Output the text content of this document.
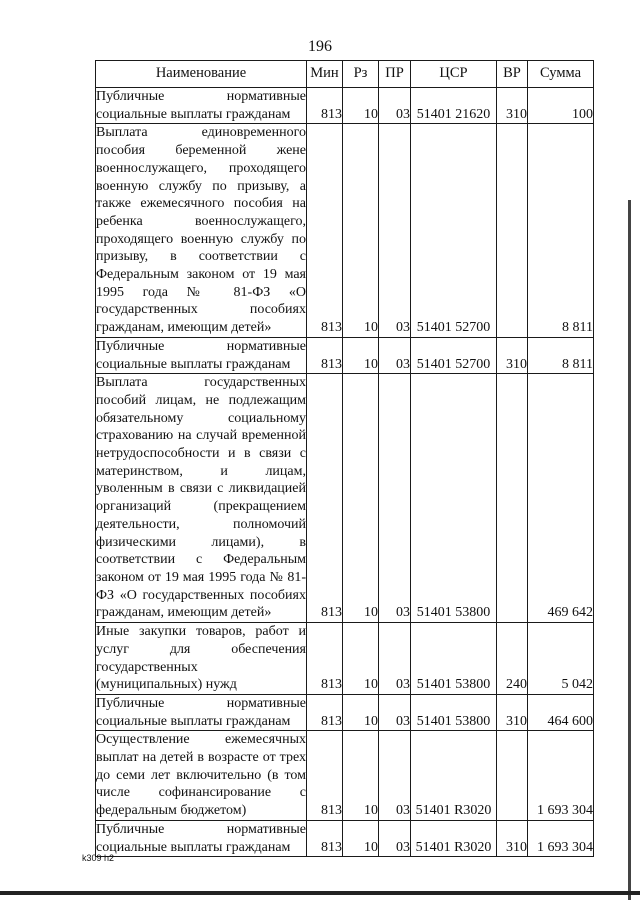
196
Наименование	Мин	Рз	ПР	ЦСР	ВР	Сумма
Публичные нормативные социальные выплаты гражданам	813	10	03	51401 21620	310	100
Выплата единовременного пособия беременной жене военнослужащего, проходящего военную службу по призыву, а также ежемесячного пособия на ребенка военнослужащего, проходящего военную службу по призыву, в соответствии с Федеральным законом от 19 мая 1995 года № 81-ФЗ «О государственных пособиях гражданам, имеющим детей»	813	10	03	51401 52700		8 811
Публичные нормативные социальные выплаты гражданам	813	10	03	51401 52700	310	8 811
Выплата государственных пособий лицам, не подлежащим обязательному социальному страхованию на случай временной нетрудоспособности и в связи с материнством, и лицам, уволенным в связи с ликвидацией организаций (прекращением деятельности, полномочий физическими лицами), в соответствии с Федеральным законом от 19 мая 1995 года № 81-ФЗ «О государственных пособиях гражданам, имеющим детей»	813	10	03	51401 53800		469 642
Иные закупки товаров, работ и услуг для обеспечения государственных (муниципальных) нужд	813	10	03	51401 53800	240	5 042
Публичные нормативные социальные выплаты гражданам	813	10	03	51401 53800	310	464 600
Осуществление ежемесячных выплат на детей в возрасте от трех до семи лет включительно (в том числе софинансирование с федеральным бюджетом)	813	10	03	51401 R3020		1 693 304
Публичные нормативные социальные выплаты гражданам	813	10	03	51401 R3020	310	1 693 304
k309 h2
